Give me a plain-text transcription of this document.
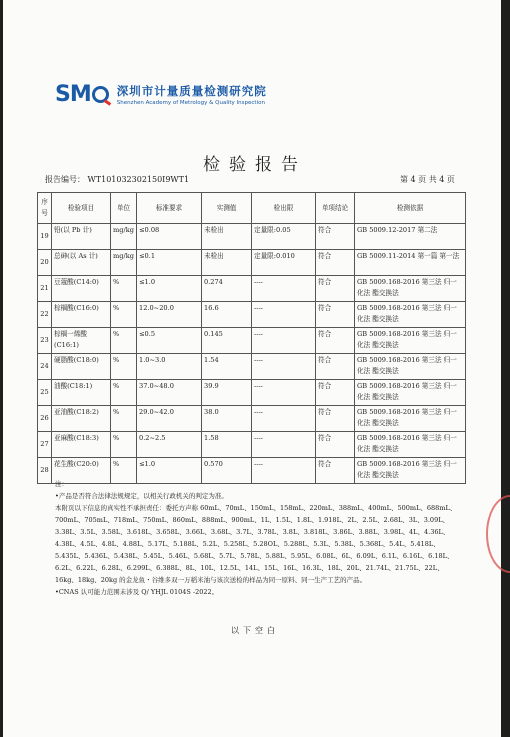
SM 深圳市计量质量检测研究院
Shenzhen Academy of Metrology & Quality Inspection
检验报告
报告编号： WT101032302150I9WT1	第 4 页 共 4 页
序号	检验项目	单位	标准要求	实测值	检出限	单项结论	检测依据
19	铅(以 Pb 计)	mg/kg	≤0.08	未检出	定量限:0.05	符合	GB 5009.12-2017 第二法
20	总砷(以 As 计)	mg/kg	≤0.1	未检出	定量限:0.010	符合	GB 5009.11-2014 第一篇 第一法
21	豆蔻酸(C14:0)	%	≤1.0	0.274	----	符合	GB 5009.168-2016 第三法 归一化法 酯交换法
22	棕榈酸(C16:0)	%	12.0~20.0	16.6	----	符合	GB 5009.168-2016 第三法 归一化法 酯交换法
23	棕榈一烯酸(C16:1)	%	≤0.5	0.145	----	符合	GB 5009.168-2016 第三法 归一化法 酯交换法
24	硬脂酸(C18:0)	%	1.0~3.0	1.54	----	符合	GB 5009.168-2016 第三法 归一化法 酯交换法
25	油酸(C18:1)	%	37.0~48.0	39.9	----	符合	GB 5009.168-2016 第三法 归一化法 酯交换法
26	亚油酸(C18:2)	%	29.0~42.0	38.0	----	符合	GB 5009.168-2016 第三法 归一化法 酯交换法
27	亚麻酸(C18:3)	%	0.2~2.5	1.58	----	符合	GB 5009.168-2016 第三法 归一化法 酯交换法
28	花生酸(C20:0)	%	≤1.0	0.570	----	符合	GB 5009.168-2016 第三法 归一化法 酯交换法

注：

•产品是否符合法律法规规定，以相关行政机关的判定为准。

本附页以下信息的真实性不承担责任：委托方声称 60mL、70mL、150mL、158mL、220mL、388mL、400mL、500mL、688mL、700mL、705mL、718mL、750mL、860mL、888mL、900mL、1L、1.5L、1.8L、1.918L、2L、2.5L、2.68L、3L、3.09L、3.38L、3.5L、3.58L、3.618L、3.658L、3.66L、3.68L、3.7L、3.78L、3.8L、3.818L、3.86L、3.88L、3.98L、4L、4.36L、4.38L、4.5L、4.8L、4.88L、5.17L、5.188L、5.2L、5.258L、5.28OL、5.288L、5.3L、5.38L、5.368L、5.4L、5.418L、5.435L、5.436L、5.438L、5.45L、5.46L、5.68L、5.7L、5.78L、5.88L、5.95L、6.08L、6L、6.09L、6.1L、6.16L、6.18L、6.2L、6.22L、6.28L、6.299L、6.388L、8L、10L、12.5L、14L、15L、16L、16.3L、18L、20L、21.74L、21.75L、22L、16kg、18kg、20kg 的金龙鱼・谷维多双一万稻米油与该次送检的样品为同一原料、同一生产工艺的产品。

•CNAS 认可能力范围未涉及 Q/ YHJL 0104S -2022。

以下空白
